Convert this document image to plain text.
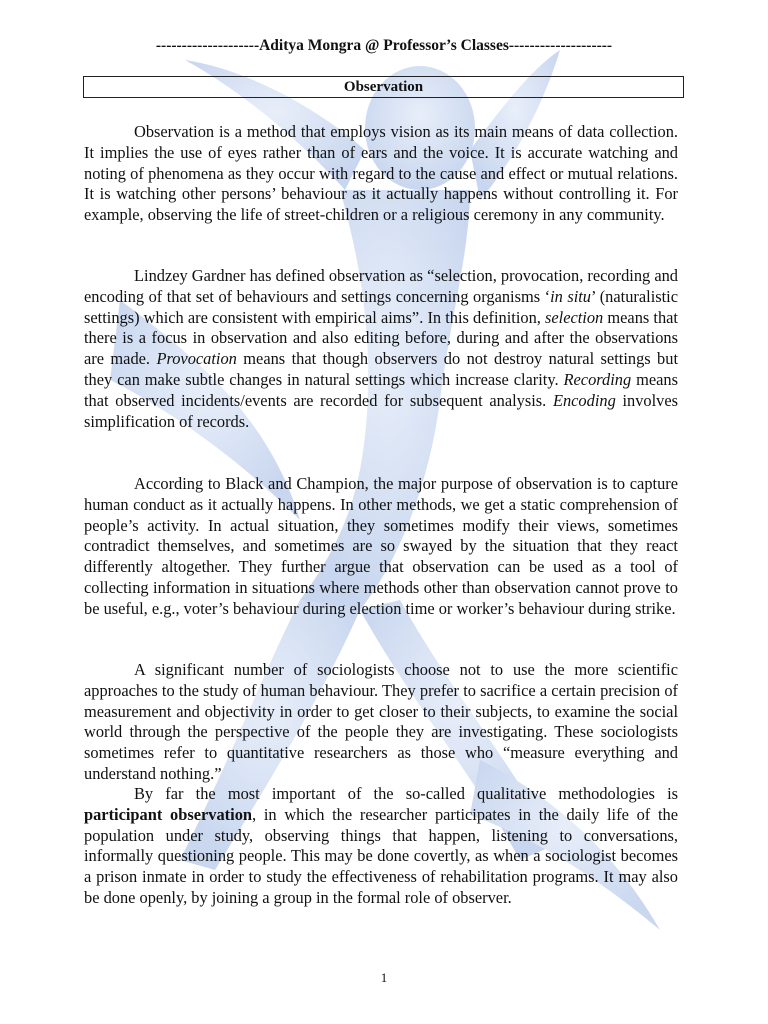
--------------------Aditya Mongra @ Professor’s Classes--------------------
Observation

Observation is a method that employs vision as its main means of data collection. It implies the use of eyes rather than of ears and the voice. It is accurate watching and noting of phenomena as they occur with regard to the cause and effect or mutual relations. It is watching other persons’ behaviour as it actually happens without controlling it. For example, observing the life of street-children or a religious ceremony in any community.

Lindzey Gardner has defined observation as “selection, provocation, recording and encoding of that set of behaviours and settings concerning organisms ‘in situ’ (naturalistic settings) which are consistent with empirical aims”. In this definition, selection means that there is a focus in observation and also editing before, during and after the observations are made. Provocation means that though observers do not destroy natural settings but they can make subtle changes in natural settings which increase clarity. Recording means that observed incidents/events are recorded for subsequent analysis. Encoding involves simplification of records.

According to Black and Champion, the major purpose of observation is to capture human conduct as it actually happens. In other methods, we get a static comprehension of people’s activity. In actual situation, they sometimes modify their views, sometimes contradict themselves, and sometimes are so swayed by the situation that they react differently altogether. They further argue that observation can be used as a tool of collecting information in situations where methods other than observation cannot prove to be useful, e.g., voter’s behaviour during election time or worker’s behaviour during strike.

A significant number of sociologists choose not to use the more scientific approaches to the study of human behaviour. They prefer to sacrifice a certain precision of measurement and objectivity in order to get closer to their subjects, to examine the social world through the perspective of the people they are investigating. These sociologists sometimes refer to quantitative researchers as those who “measure everything and understand nothing.”

By far the most important of the so-called qualitative methodologies is participant observation, in which the researcher participates in the daily life of the population under study, observing things that happen, listening to conversations, informally questioning people. This may be done covertly, as when a sociologist becomes a prison inmate in order to study the effectiveness of rehabilitation programs. It may also be done openly, by joining a group in the formal role of observer.

1
